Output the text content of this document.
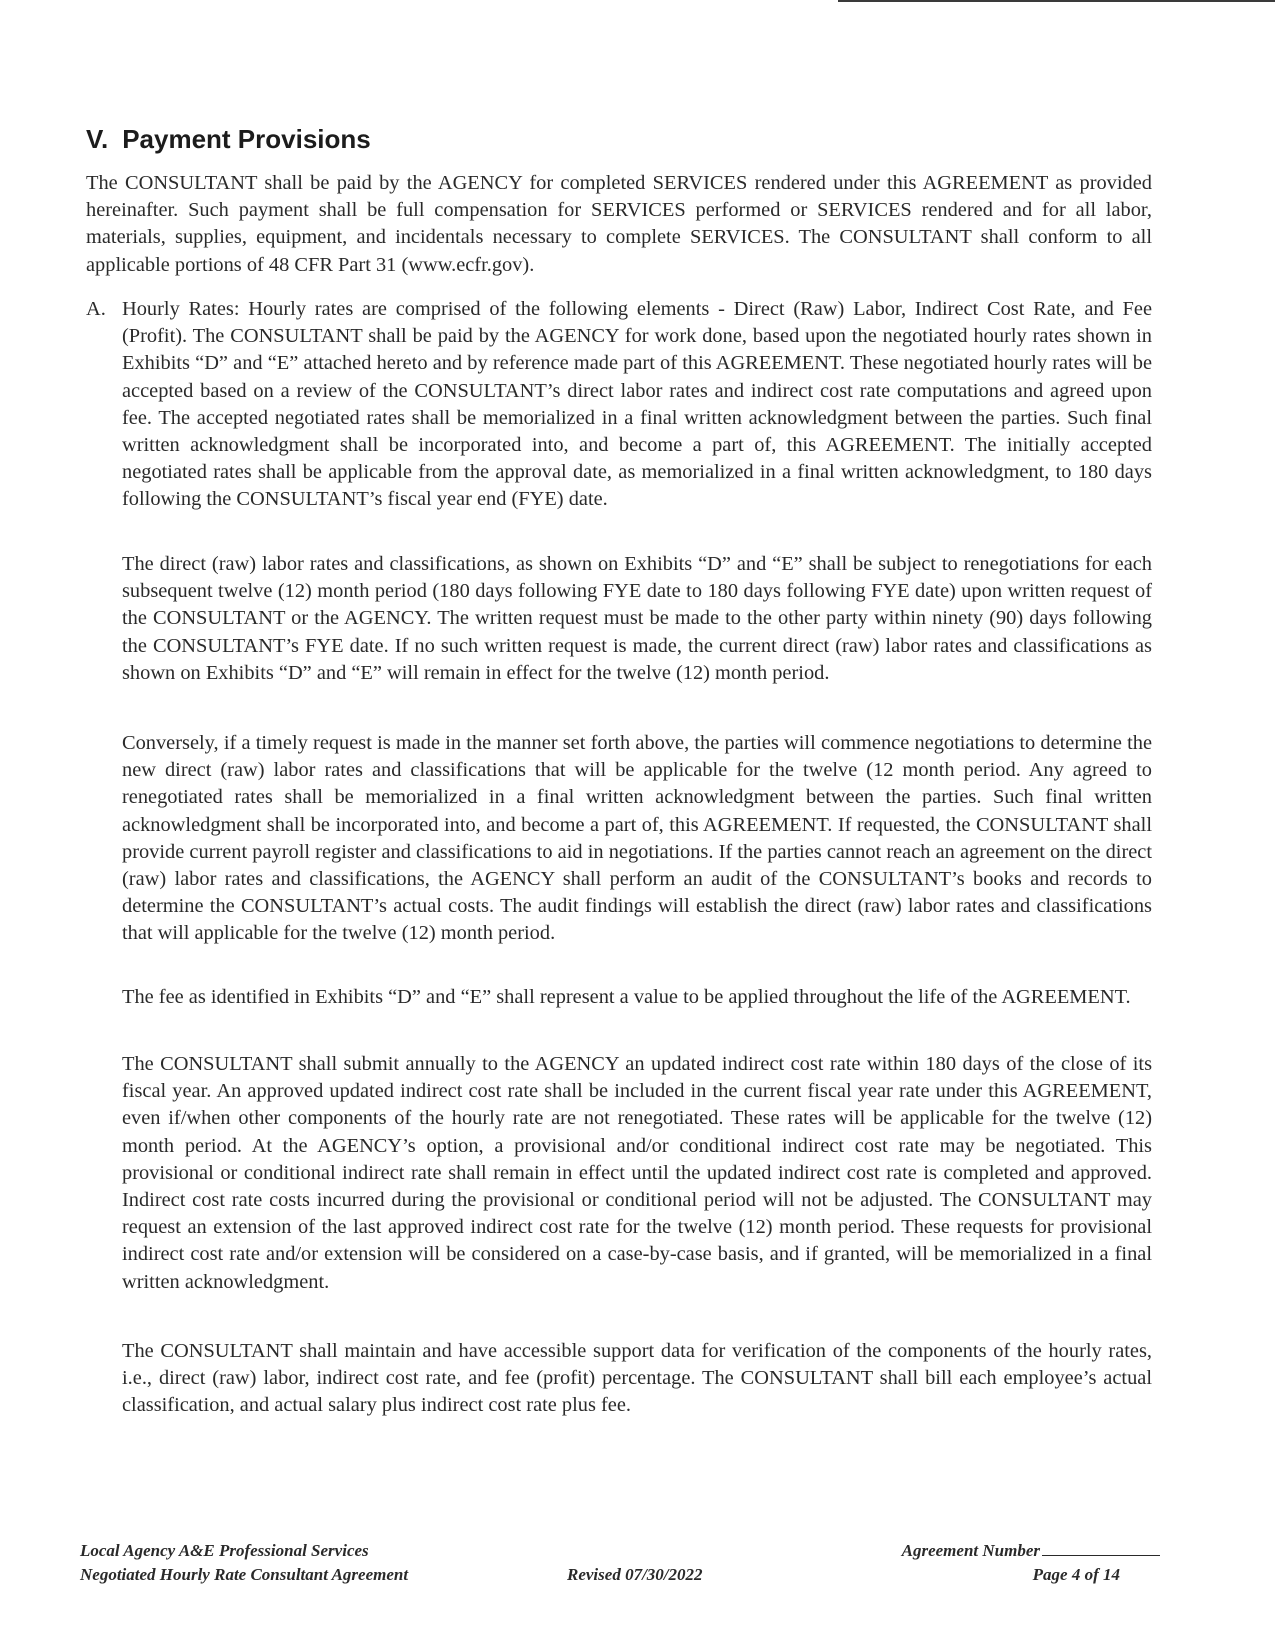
V. Payment Provisions

The CONSULTANT shall be paid by the AGENCY for completed SERVICES rendered under this AGREEMENT as provided hereinafter. Such payment shall be full compensation for SERVICES performed or SERVICES rendered and for all labor, materials, supplies, equipment, and incidentals necessary to complete SERVICES. The CONSULTANT shall conform to all applicable portions of 48 CFR Part 31 (www.ecfr.gov).

A. Hourly Rates: Hourly rates are comprised of the following elements - Direct (Raw) Labor, Indirect Cost Rate, and Fee (Profit). The CONSULTANT shall be paid by the AGENCY for work done, based upon the negotiated hourly rates shown in Exhibits “D” and “E” attached hereto and by reference made part of this AGREEMENT. These negotiated hourly rates will be accepted based on a review of the CONSULTANT’s direct labor rates and indirect cost rate computations and agreed upon fee. The accepted negotiated rates shall be memorialized in a final written acknowledgment between the parties. Such final written acknowledgment shall be incorporated into, and become a part of, this AGREEMENT. The initially accepted negotiated rates shall be applicable from the approval date, as memorialized in a final written acknowledgment, to 180 days following the CONSULTANT’s fiscal year end (FYE) date.

The direct (raw) labor rates and classifications, as shown on Exhibits “D” and “E” shall be subject to renegotiations for each subsequent twelve (12) month period (180 days following FYE date to 180 days following FYE date) upon written request of the CONSULTANT or the AGENCY. The written request must be made to the other party within ninety (90) days following the CONSULTANT’s FYE date. If no such written request is made, the current direct (raw) labor rates and classifications as shown on Exhibits “D” and “E” will remain in effect for the twelve (12) month period.

Conversely, if a timely request is made in the manner set forth above, the parties will commence negotiations to determine the new direct (raw) labor rates and classifications that will be applicable for the twelve (12 month period. Any agreed to renegotiated rates shall be memorialized in a final written acknowledgment between the parties. Such final written acknowledgment shall be incorporated into, and become a part of, this AGREEMENT. If requested, the CONSULTANT shall provide current payroll register and classifications to aid in negotiations. If the parties cannot reach an agreement on the direct (raw) labor rates and classifications, the AGENCY shall perform an audit of the CONSULTANT’s books and records to determine the CONSULTANT’s actual costs. The audit findings will establish the direct (raw) labor rates and classifications that will applicable for the twelve (12) month period.

The fee as identified in Exhibits “D” and “E” shall represent a value to be applied throughout the life of the AGREEMENT.

The CONSULTANT shall submit annually to the AGENCY an updated indirect cost rate within 180 days of the close of its fiscal year. An approved updated indirect cost rate shall be included in the current fiscal year rate under this AGREEMENT, even if/when other components of the hourly rate are not renegotiated. These rates will be applicable for the twelve (12) month period. At the AGENCY’s option, a provisional and/or conditional indirect cost rate may be negotiated. This provisional or conditional indirect rate shall remain in effect until the updated indirect cost rate is completed and approved. Indirect cost rate costs incurred during the provisional or conditional period will not be adjusted. The CONSULTANT may request an extension of the last approved indirect cost rate for the twelve (12) month period. These requests for provisional indirect cost rate and/or extension will be considered on a case-by-case basis, and if granted, will be memorialized in a final written acknowledgment.

The CONSULTANT shall maintain and have accessible support data for verification of the components of the hourly rates, i.e., direct (raw) labor, indirect cost rate, and fee (profit) percentage. The CONSULTANT shall bill each employee’s actual classification, and actual salary plus indirect cost rate plus fee.

Local Agency A&E Professional Services
Negotiated Hourly Rate Consultant Agreement	Revised 07/30/2022
Agreement Number
Page 4 of 14
